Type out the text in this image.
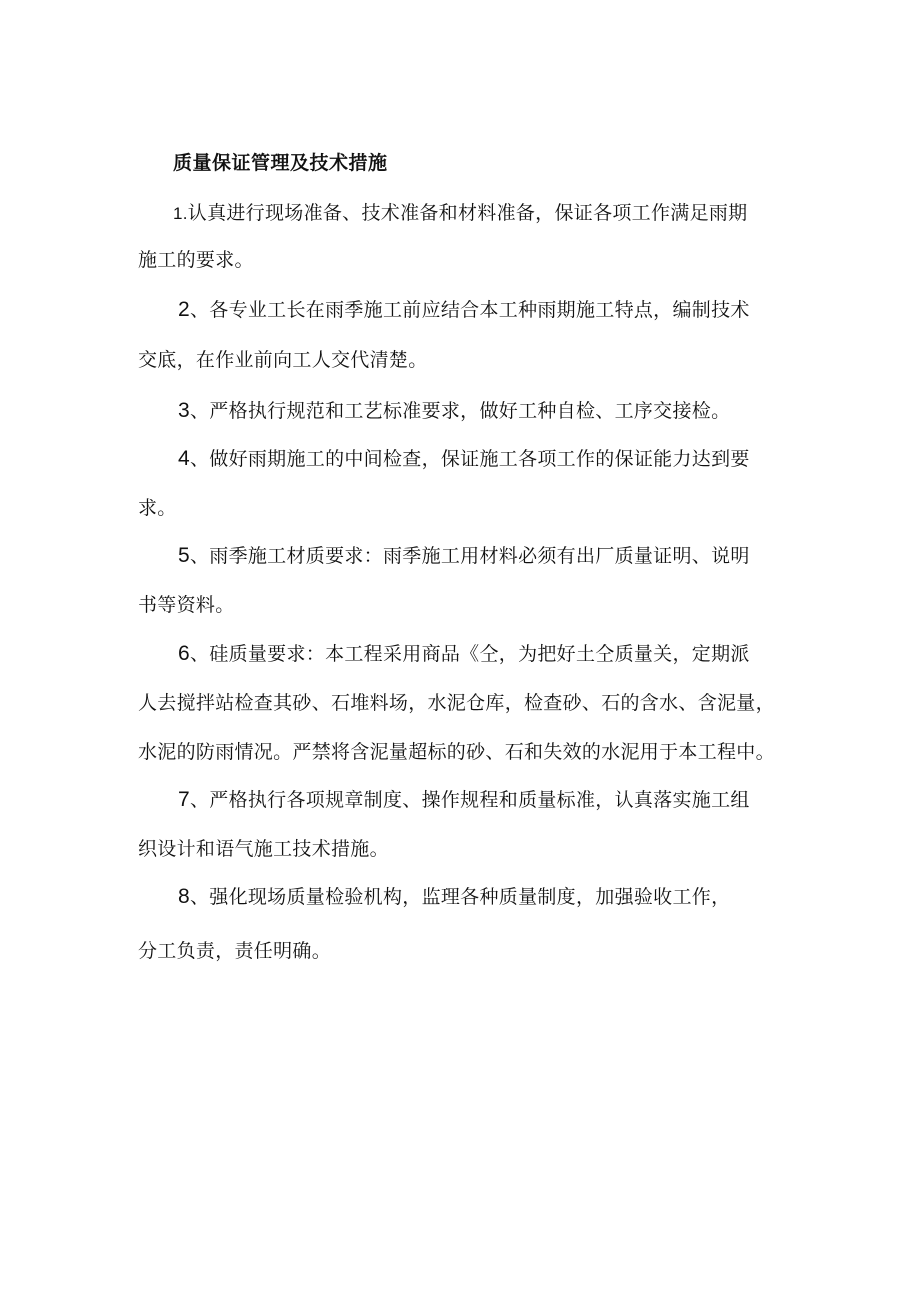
质量保证管理及技术措施
1.认真进行现场准备、技术准备和材料准备，保证各项工作满足雨期
施工的要求。
2、各专业工长在雨季施工前应结合本工种雨期施工特点，编制技术
交底，在作业前向工人交代清楚。
3、严格执行规范和工艺标准要求，做好工种自检、工序交接检。
4、做好雨期施工的中间检查，保证施工各项工作的保证能力达到要
求。
5、雨季施工材质要求：雨季施工用材料必须有出厂质量证明、说明
书等资料。
6、硅质量要求：本工程采用商品《仝，为把好土仝质量关，定期派
人去搅拌站检查其砂、石堆料场，水泥仓库，检查砂、石的含水、含泥量，
水泥的防雨情况。严禁将含泥量超标的砂、石和失效的水泥用于本工程中。
7、严格执行各项规章制度、操作规程和质量标准，认真落实施工组
织设计和语气施工技术措施。
8、强化现场质量检验机构，监理各种质量制度，加强验收工作，
分工负责，责任明确。
